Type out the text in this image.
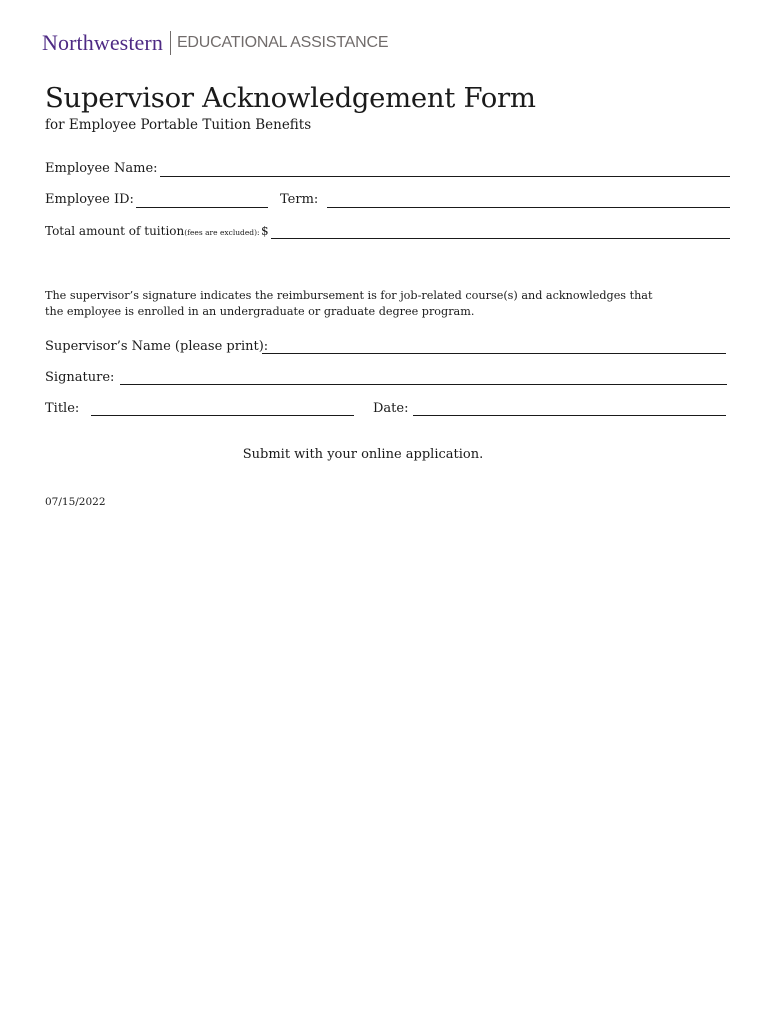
Northwestern EDUCATIONAL ASSISTANCE
Supervisor Acknowledgement Form
for Employee Portable Tuition Benefits
Employee Name:
Employee ID:	Term:
Total amount of tuition(fees are excluded): $
The supervisor’s signature indicates the reimbursement is for job-related course(s) and acknowledges that
the employee is enrolled in an undergraduate or graduate degree program.
Supervisor’s Name (please print):
Signature:
Title:	Date:
Submit with your online application.
07/15/2022
